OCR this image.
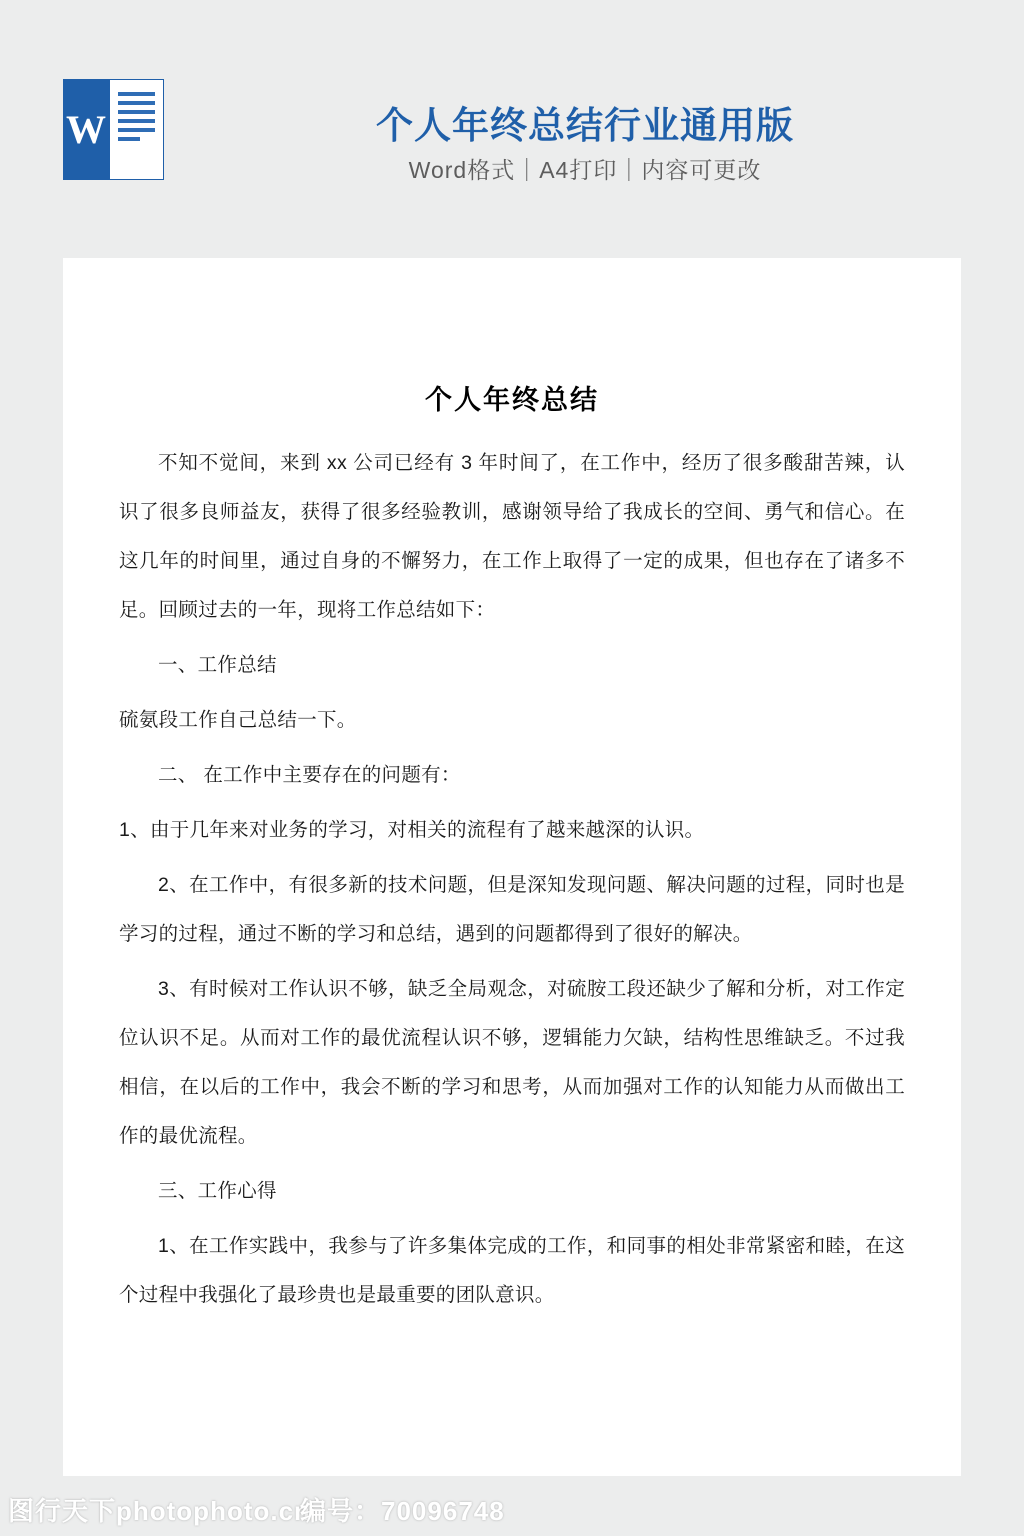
W	个人年终总结行业通用版
Word格式｜A4打印｜内容可更改
个人年终总结

不知不觉间，来到 xx 公司已经有 3 年时间了，在工作中，经历了很多酸甜苦辣，认识了很多良师益友，获得了很多经验教训，感谢领导给了我成长的空间、勇气和信心。在这几年的时间里，通过自身的不懈努力，在工作上取得了一定的成果，但也存在了诸多不足。回顾过去的一年，现将工作总结如下：

一、工作总结

硫氨段工作自己总结一下。

二、 在工作中主要存在的问题有：

1、由于几年来对业务的学习，对相关的流程有了越来越深的认识。

2、在工作中，有很多新的技术问题，但是深知发现问题、解决问题的过程，同时也是学习的过程，通过不断的学习和总结，遇到的问题都得到了很好的解决。

3、有时候对工作认识不够，缺乏全局观念，对硫胺工段还缺少了解和分析，对工作定位认识不足。从而对工作的最优流程认识不够，逻辑能力欠缺，结构性思维缺乏。不过我相信，在以后的工作中，我会不断的学习和思考，从而加强对工作的认知能力从而做出工作的最优流程。

三、工作心得

1、在工作实践中，我参与了许多集体完成的工作，和同事的相处非常紧密和睦，在这个过程中我强化了最珍贵也是最重要的团队意识。

图行天下photophoto.cn
编号：70096748
